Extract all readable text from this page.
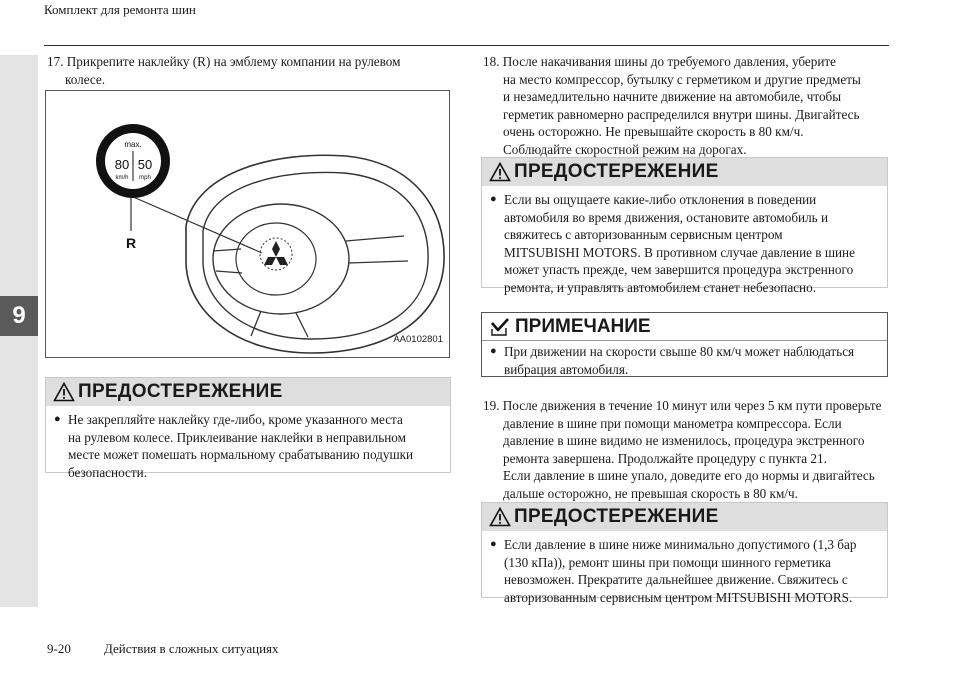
9
Комплект для ремонта шин
17. Прикрепите наклейку (R) на эмблему компании на рулевом
колесе.
max.
80 50
km/h mph
R
AA0102801
ПРЕДОСТЕРЕЖЕНИЕ
● Не закрепляйте наклейку где-либо, кроме указанного места
на рулевом колесе. Приклеивание наклейки в неправильном
месте может помешать нормальному срабатыванию подушки
безопасности.
18. После накачивания шины до требуемого давления, уберите
на место компрессор, бутылку с герметиком и другие предметы
и незамедлительно начните движение на автомобиле, чтобы
герметик равномерно распределился внутри шины. Двигайтесь
очень осторожно. Не превышайте скорость в 80 км/ч.
Соблюдайте скоростной режим на дорогах.
ПРЕДОСТЕРЕЖЕНИЕ
● Если вы ощущаете какие-либо отклонения в поведении
автомобиля во время движения, остановите автомобиль и
свяжитесь с авторизованным сервисным центром
MITSUBISHI MOTORS. В противном случае давление в шине
может упасть прежде, чем завершится процедура экстренного
ремонта, и управлять автомобилем станет небезопасно.
ПРИМЕЧАНИЕ
● При движении на скорости свыше 80 км/ч может наблюдаться
вибрация автомобиля.
19. После движения в течение 10 минут или через 5 км пути проверьте
давление в шине при помощи манометра компрессора. Если
давление в шине видимо не изменилось, процедура экстренного
ремонта завершена. Продолжайте процедуру с пункта 21.
Если давление в шине упало, доведите его до нормы и двигайтесь
дальше осторожно, не превышая скорость в 80 км/ч.
ПРЕДОСТЕРЕЖЕНИЕ
● Если давление в шине ниже минимально допустимого (1,3 бар
(130 кПа)), ремонт шины при помощи шинного герметика
невозможен. Прекратите дальнейшее движение. Свяжитесь с
авторизованным сервисным центром MITSUBISHI MOTORS.
9-20	Действия в сложных ситуациях
